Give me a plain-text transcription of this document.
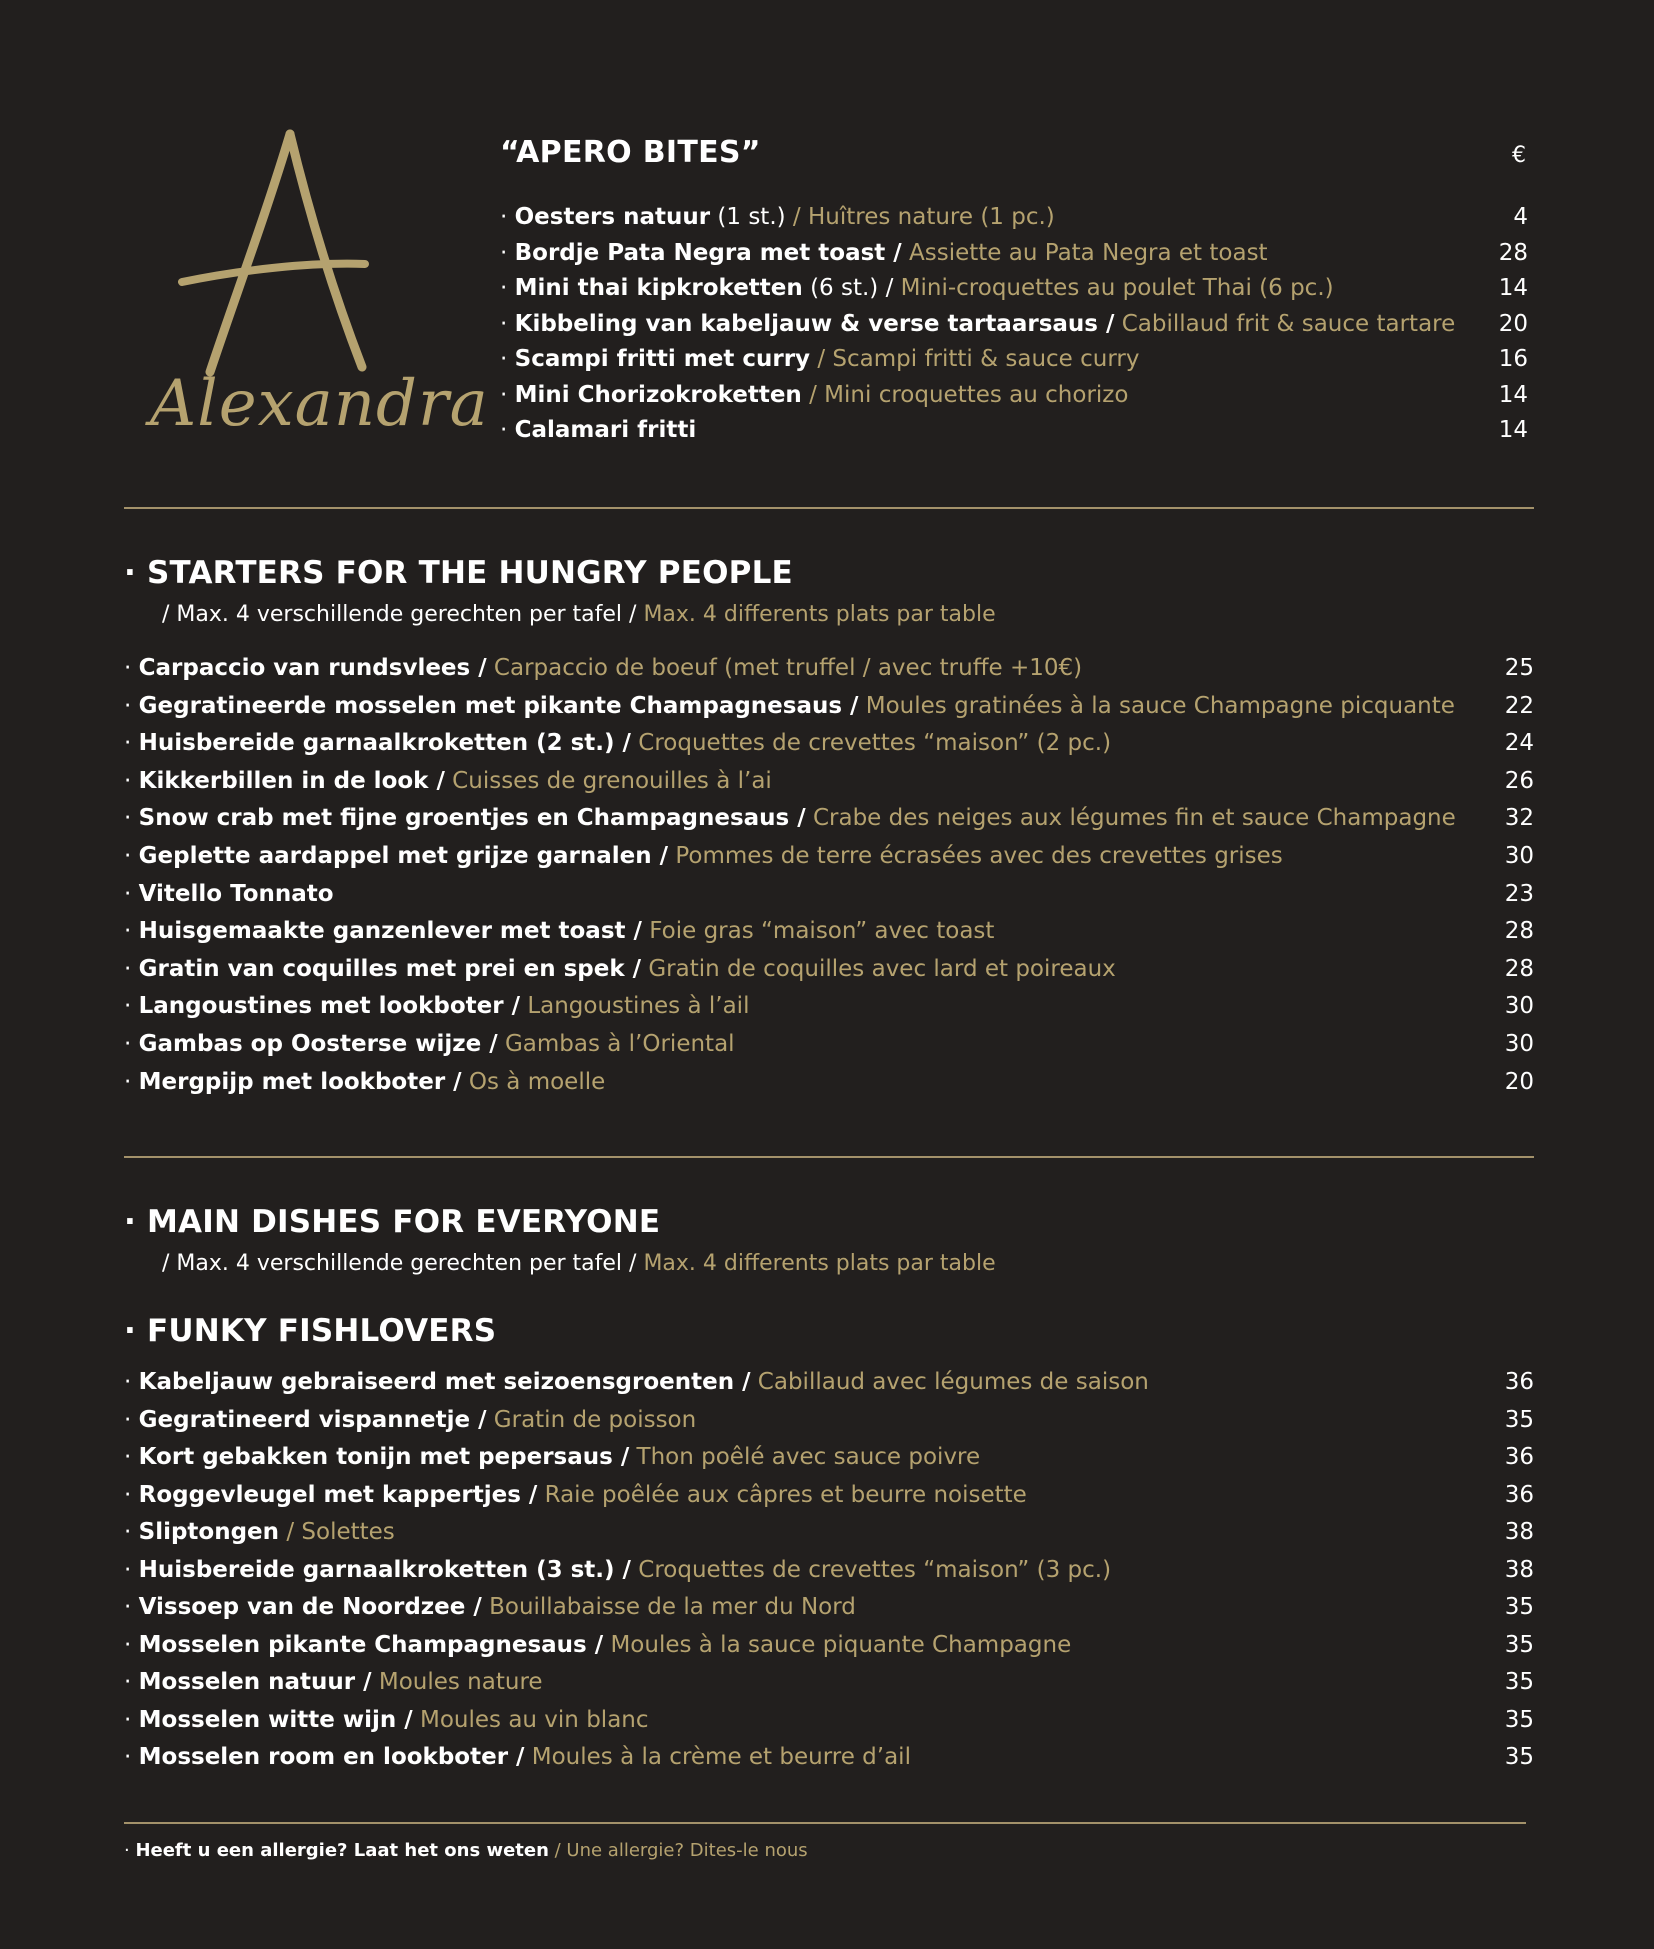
Alexandra
“APERO BITES”	€
· Oesters natuur (1 st.) / Huîtres nature (1 pc.)	4
· Bordje Pata Negra met toast / Assiette au Pata Negra et toast	28
· Mini thai kipkroketten (6 st.) / Mini-croquettes au poulet Thai (6 pc.)	14
· Kibbeling van kabeljauw & verse tartaarsaus / Cabillaud frit & sauce tartare	20
· Scampi fritti met curry / Scampi fritti & sauce curry	16
· Mini Chorizokroketten / Mini croquettes au chorizo	14
· Calamari fritti	14
· STARTERS FOR THE HUNGRY PEOPLE
/ Max. 4 verschillende gerechten per tafel / Max. 4 differents plats par table
· Carpaccio van rundsvlees / Carpaccio de boeuf (met truffel / avec truffe +10€)	25
· Gegratineerde mosselen met pikante Champagnesaus / Moules gratinées à la sauce Champagne picquante	22
· Huisbereide garnaalkroketten (2 st.) / Croquettes de crevettes “maison” (2 pc.)	24
· Kikkerbillen in de look / Cuisses de grenouilles à l’ai	26
· Snow crab met fijne groentjes en Champagnesaus / Crabe des neiges aux légumes fin et sauce Champagne	32
· Geplette aardappel met grijze garnalen / Pommes de terre écrasées avec des crevettes grises	30
· Vitello Tonnato	23
· Huisgemaakte ganzenlever met toast / Foie gras “maison” avec toast	28
· Gratin van coquilles met prei en spek / Gratin de coquilles avec lard et poireaux	28
· Langoustines met lookboter / Langoustines à l’ail	30
· Gambas op Oosterse wijze / Gambas à l’Oriental	30
· Mergpijp met lookboter / Os à moelle	20
· MAIN DISHES FOR EVERYONE
/ Max. 4 verschillende gerechten per tafel / Max. 4 differents plats par table
· FUNKY FISHLOVERS
· Kabeljauw gebraiseerd met seizoensgroenten / Cabillaud avec légumes de saison	36
· Gegratineerd vispannetje / Gratin de poisson	35
· Kort gebakken tonijn met pepersaus / Thon poêlé avec sauce poivre	36
· Roggevleugel met kappertjes / Raie poêlée aux câpres et beurre noisette	36
· Sliptongen / Solettes	38
· Huisbereide garnaalkroketten (3 st.) / Croquettes de crevettes “maison” (3 pc.)	38
· Vissoep van de Noordzee / Bouillabaisse de la mer du Nord	35
· Mosselen pikante Champagnesaus / Moules à la sauce piquante Champagne	35
· Mosselen natuur / Moules nature	35
· Mosselen witte wijn / Moules au vin blanc	35
· Mosselen room en lookboter / Moules à la crème et beurre d’ail	35
· Heeft u een allergie? Laat het ons weten / Une allergie? Dites-le nous
